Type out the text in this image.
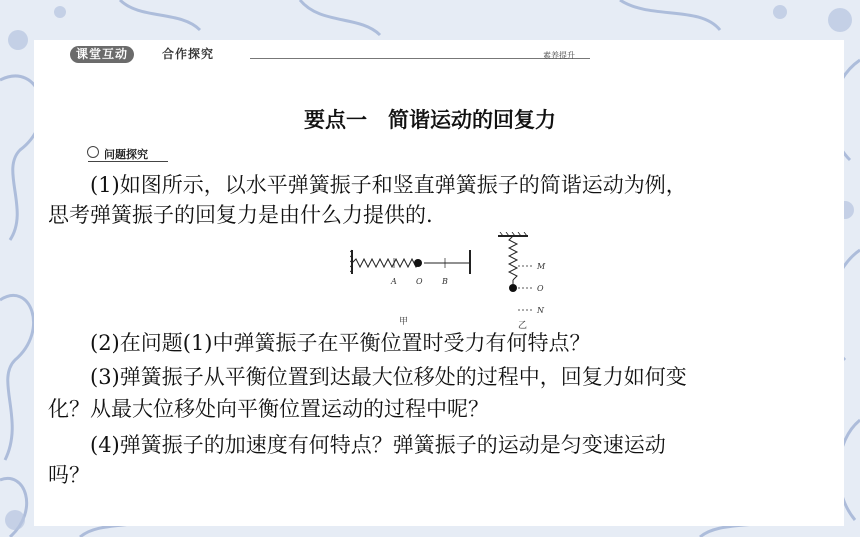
课堂互动	合作探究	素养提升
要点一　简谐运动的回复力
问题探究

(1)如图所示，以水平弹簧振子和竖直弹簧振子的简谐运动为例，

思考弹簧振子的回复力是由什么力提供的.

A O B
甲
M
O
N
乙

(2)在问题(1)中弹簧振子在平衡位置时受力有何特点？

(3)弹簧振子从平衡位置到达最大位移处的过程中，回复力如何变

化？从最大位移处向平衡位置运动的过程中呢？

(4)弹簧振子的加速度有何特点？弹簧振子的运动是匀变速运动

吗？
